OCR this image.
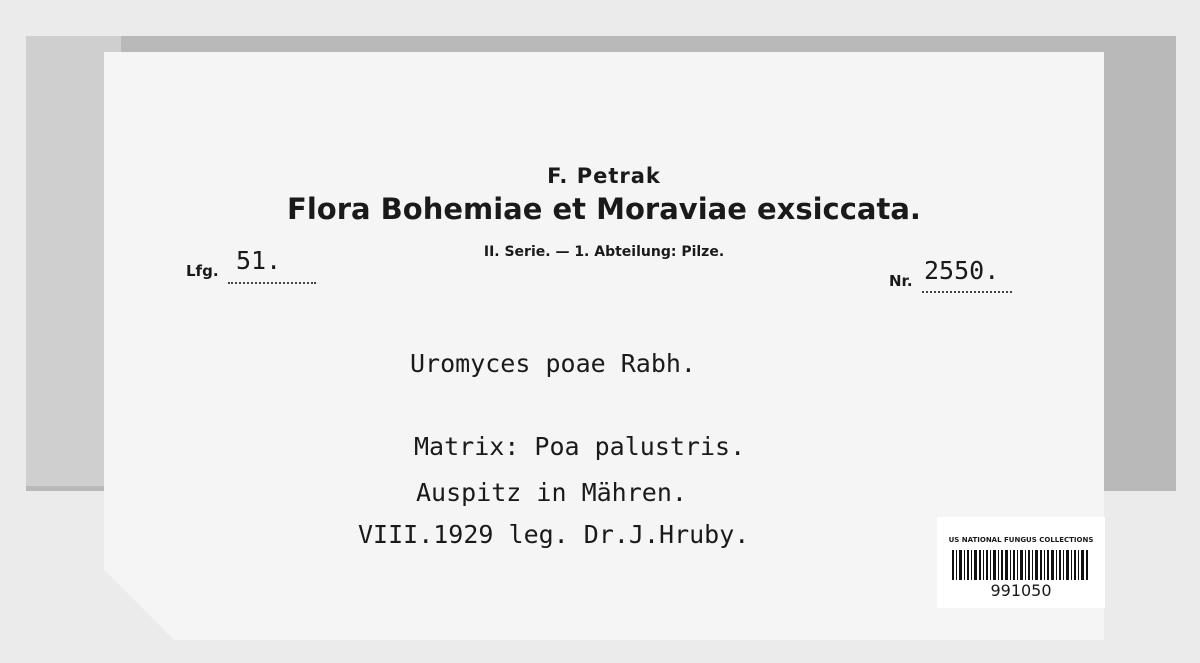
F. Petrak
Flora Bohemiae et Moraviae exsiccata.
II. Serie. — 1. Abteilung: Pilze.
Lfg. 51.
Nr. 2550.
Uromyces poae Rabh.
Matrix: Poa palustris.
Auspitz in Mähren.
VIII.1929 leg. Dr.J.Hruby.	US NATIONAL FUNGUS COLLECTIONS
991050
